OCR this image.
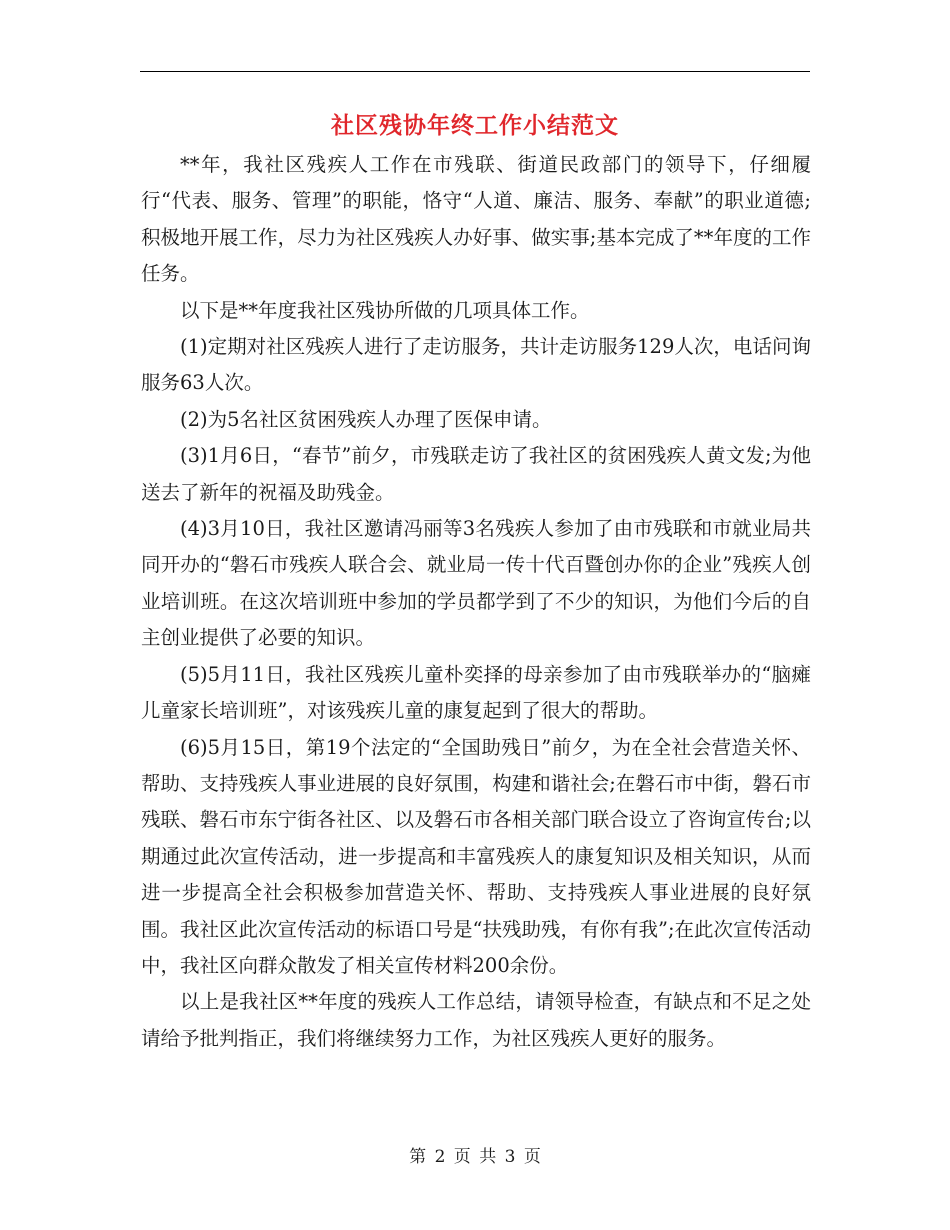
社区残协年终工作小结范文

**年，我社区残疾人工作在市残联、街道民政部门的领导下，仔细履行“代表、服务、管理”的职能，恪守“人道、廉洁、服务、奉献”的职业道德;积极地开展工作，尽力为社区残疾人办好事、做实事;基本完成了**年度的工作任务。

以下是**年度我社区残协所做的几项具体工作。

(1)定期对社区残疾人进行了走访服务，共计走访服务129人次，电话问询服务63人次。

(2)为5名社区贫困残疾人办理了医保申请。

(3)1月6日，“春节”前夕，市残联走访了我社区的贫困残疾人黄文发;为他送去了新年的祝福及助残金。

(4)3月10日，我社区邀请冯丽等3名残疾人参加了由市残联和市就业局共同开办的“磐石市残疾人联合会、就业局一传十代百暨创办你的企业”残疾人创业培训班。在这次培训班中参加的学员都学到了不少的知识，为他们今后的自主创业提供了必要的知识。

(5)5月11日，我社区残疾儿童朴奕择的母亲参加了由市残联举办的“脑瘫儿童家长培训班”，对该残疾儿童的康复起到了很大的帮助。

(6)5月15日，第19个法定的“全国助残日”前夕，为在全社会营造关怀、帮助、支持残疾人事业进展的良好氛围，构建和谐社会;在磐石市中街，磐石市残联、磐石市东宁街各社区、以及磐石市各相关部门联合设立了咨询宣传台;以期通过此次宣传活动，进一步提高和丰富残疾人的康复知识及相关知识，从而进一步提高全社会积极参加营造关怀、帮助、支持残疾人事业进展的良好氛围。我社区此次宣传活动的标语口号是“扶残助残，有你有我”;在此次宣传活动中，我社区向群众散发了相关宣传材料200余份。

以上是我社区**年度的残疾人工作总结，请领导检查，有缺点和不足之处请给予批判指正，我们将继续努力工作，为社区残疾人更好的服务。

第 2 页 共 3 页
